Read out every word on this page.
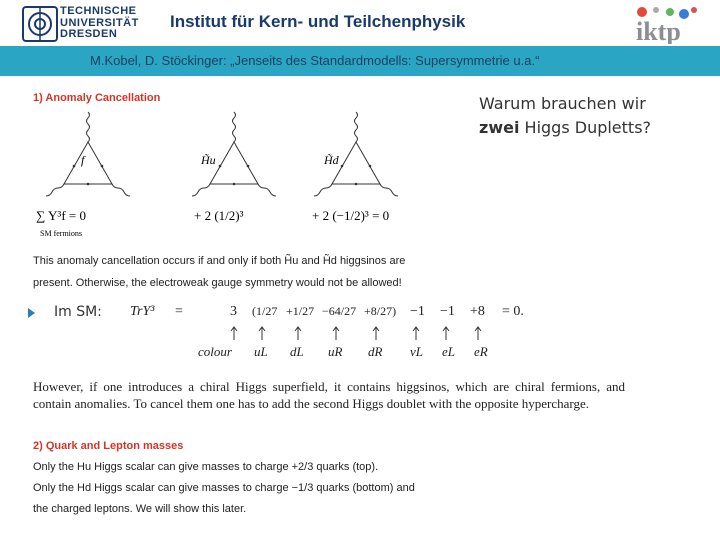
TECHNISCHE
UNIVERSITÄT
DRESDEN
Institut für Kern- und Teilchenphysik	iktp
M.Kobel, D. Stöckinger: „Jenseits des Standardmodells: Supersymmetrie u.a.“
1) Anomaly Cancellation
f	H̃u	H̃d
∑ Y³f = 0
SM fermions
+ 2 (1/2)³	+ 2 (−1/2)³ = 0
This anomaly cancellation occurs if and only if both H̃u and H̃d higgsinos are
present. Otherwise, the electroweak gauge symmetry would not be allowed!
Warum brauchen wir
zwei Higgs Dupletts?
Im SM: TrY³ =	3 (1/27 +1/27 −64/27 +8/27) −1 −1 +8 = 0.
colour uL dL uR dR νL eL eR
However, if one introduces a chiral Higgs superfield, it contains higgsinos, which are chiral fermions, and contain anomalies. To cancel them one has to add the second Higgs doublet with the opposite hypercharge.
2) Quark and Lepton masses
Only the Hu Higgs scalar can give masses to charge +2/3 quarks (top).
Only the Hd Higgs scalar can give masses to charge −1/3 quarks (bottom) and
the charged leptons. We will show this later.
